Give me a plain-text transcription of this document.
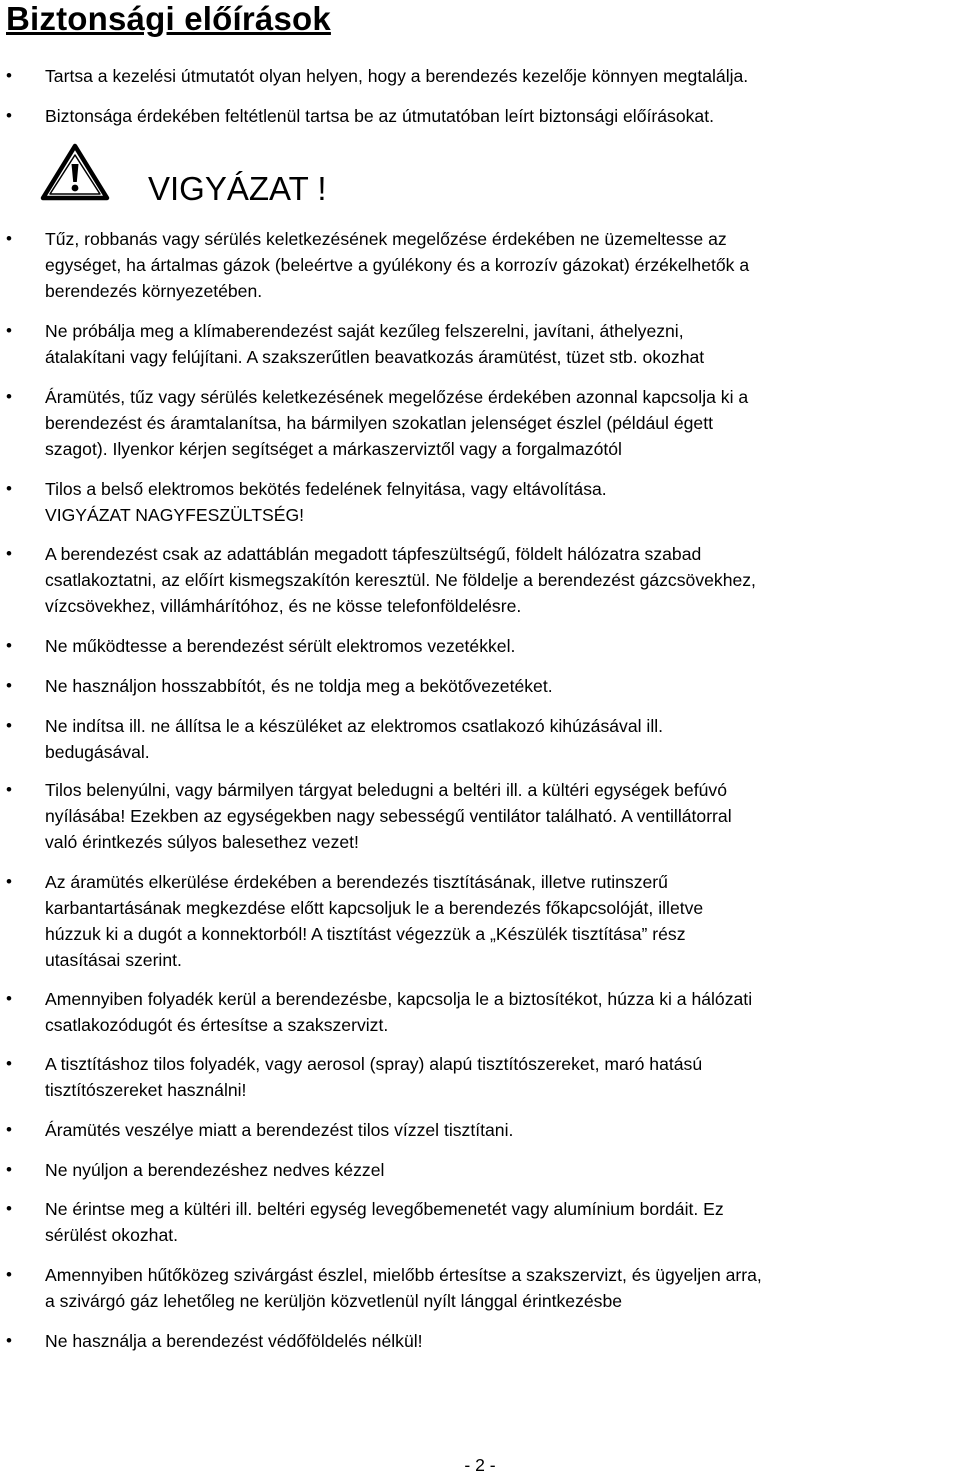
Biztonsági előírások
• Tartsa a kezelési útmutatót olyan helyen, hogy a berendezés kezelője könnyen megtalálja.
• Biztonsága érdekében feltétlenül tartsa be az útmutatóban leírt biztonsági előírásokat.
VIGYÁZAT !
• Tűz, robbanás vagy sérülés keletkezésének megelőzése érdekében ne üzemeltesse az
egységet, ha ártalmas gázok (beleértve a gyúlékony és a korrozív gázokat) érzékelhetők a
berendezés környezetében.
• Ne próbálja meg a klímaberendezést saját kezűleg felszerelni, javítani, áthelyezni,
átalakítani vagy felújítani. A szakszerűtlen beavatkozás áramütést, tüzet stb. okozhat
• Áramütés, tűz vagy sérülés keletkezésének megelőzése érdekében azonnal kapcsolja ki a
berendezést és áramtalanítsa, ha bármilyen szokatlan jelenséget észlel (például égett
szagot). Ilyenkor kérjen segítséget a márkaszerviztől vagy a forgalmazótól
• Tilos a belső elektromos bekötés fedelének felnyitása, vagy eltávolítása.
VIGYÁZAT NAGYFESZÜLTSÉG!
• A berendezést csak az adattáblán megadott tápfeszültségű, földelt hálózatra szabad
csatlakoztatni, az előírt kismegszakítón keresztül. Ne földelje a berendezést gázcsövekhez,
vízcsövekhez, villámhárítóhoz, és ne kösse telefonföldelésre.
• Ne működtesse a berendezést sérült elektromos vezetékkel.
• Ne használjon hosszabbítót, és ne toldja meg a bekötővezetéket.
• Ne indítsa ill. ne állítsa le a készüléket az elektromos csatlakozó kihúzásával ill.
bedugásával.
• Tilos belenyúlni, vagy bármilyen tárgyat beledugni a beltéri ill. a kültéri egységek befúvó
nyílásába! Ezekben az egységekben nagy sebességű ventilátor található. A ventillátorral
való érintkezés súlyos balesethez vezet!
• Az áramütés elkerülése érdekében a berendezés tisztításának, illetve rutinszerű
karbantartásának megkezdése előtt kapcsoljuk le a berendezés főkapcsolóját, illetve
húzzuk ki a dugót a konnektorból! A tisztítást végezzük a „Készülék tisztítása” rész
utasításai szerint.
• Amennyiben folyadék kerül a berendezésbe, kapcsolja le a biztosítékot, húzza ki a hálózati
csatlakozódugót és értesítse a szakszervizt.
• A tisztításhoz tilos folyadék, vagy aerosol (spray) alapú tisztítószereket, maró hatású
tisztítószereket használni!
• Áramütés veszélye miatt a berendezést tilos vízzel tisztítani.
• Ne nyúljon a berendezéshez nedves kézzel
• Ne érintse meg a kültéri ill. beltéri egység levegőbemenetét vagy alumínium bordáit. Ez
sérülést okozhat.
• Amennyiben hűtőközeg szivárgást észlel, mielőbb értesítse a szakszervizt, és ügyeljen arra,
a szivárgó gáz lehetőleg ne kerüljön közvetlenül nyílt lánggal érintkezésbe
• Ne használja a berendezést védőföldelés nélkül!
- 2 -
